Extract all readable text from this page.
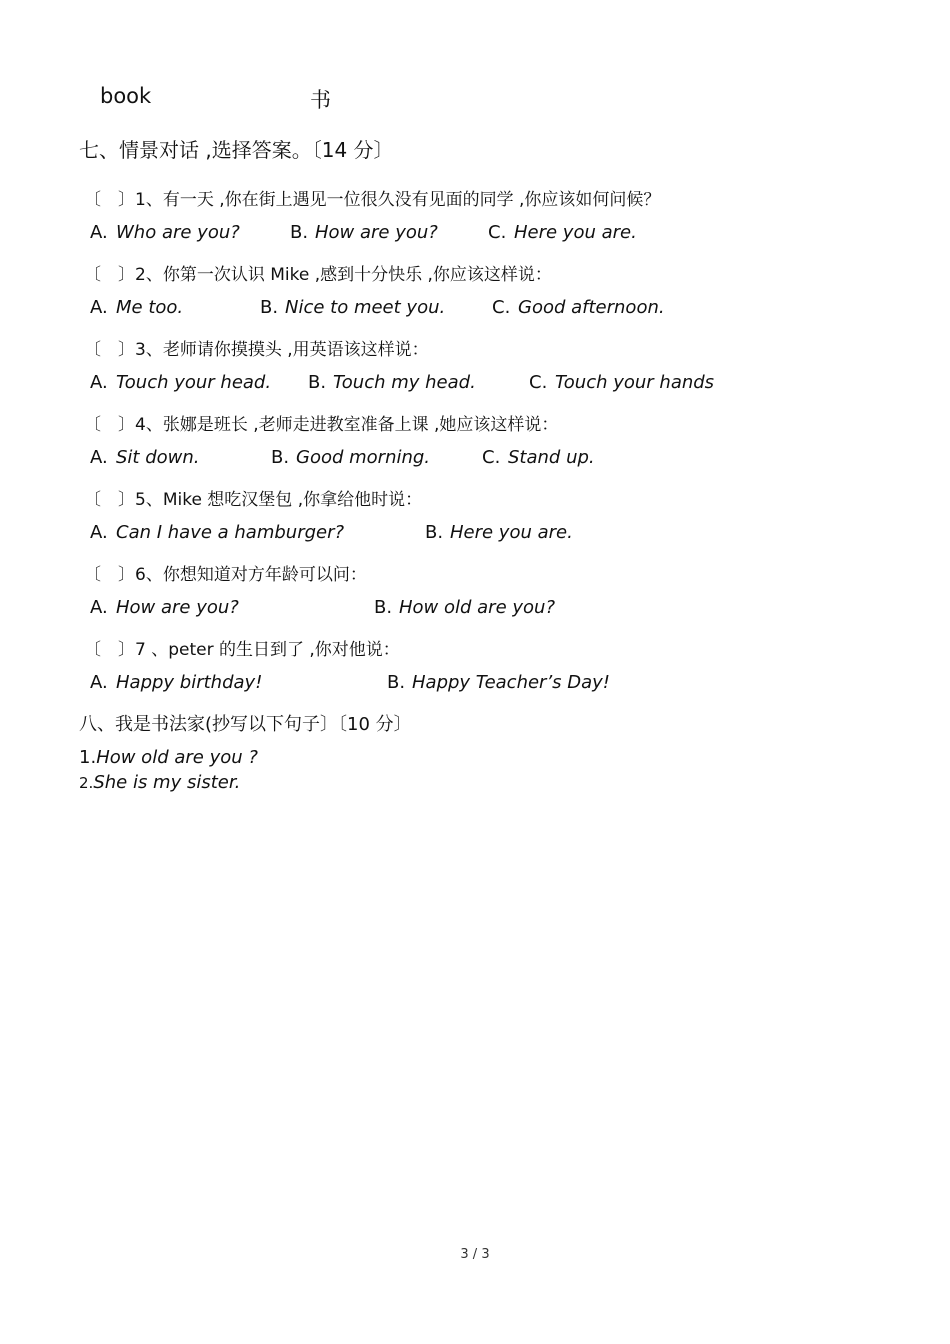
book	书
七、情景对话 ,选择答案。〔14 分〕
〔　〕1、有一天 ,你在街上遇见一位很久没有见面的同学 ,你应该如何问候？
A. Who are you?	B. How are you?	C. Here you are.
〔　〕2、你第一次认识 Mike ,感到十分快乐 ,你应该这样说：
A. Me too.	B. Nice to meet you.	C. Good afternoon.
〔　〕3、老师请你摸摸头 ,用英语该这样说：
A. Touch your head. B. Touch my head.	C. Touch your hands
〔　〕4、张娜是班长 ,老师走进教室准备上课 ,她应该这样说：
A. Sit down.	B. Good morning.	C. Stand up.
〔　〕5、Mike 想吃汉堡包 ,你拿给他时说：
A. Can I have a hamburger?	B. Here you are.
〔　〕6、你想知道对方年龄可以问：
A. How are you?	B. How old are you?
〔　〕7 、peter 的生日到了 ,你对他说：
A. Happy birthday!	B. Happy Teacher’s Day!
八、我是书法家(抄写以下句子〕〔10 分〕
1.How old are you ?
2.She is my sister.
3 / 3
